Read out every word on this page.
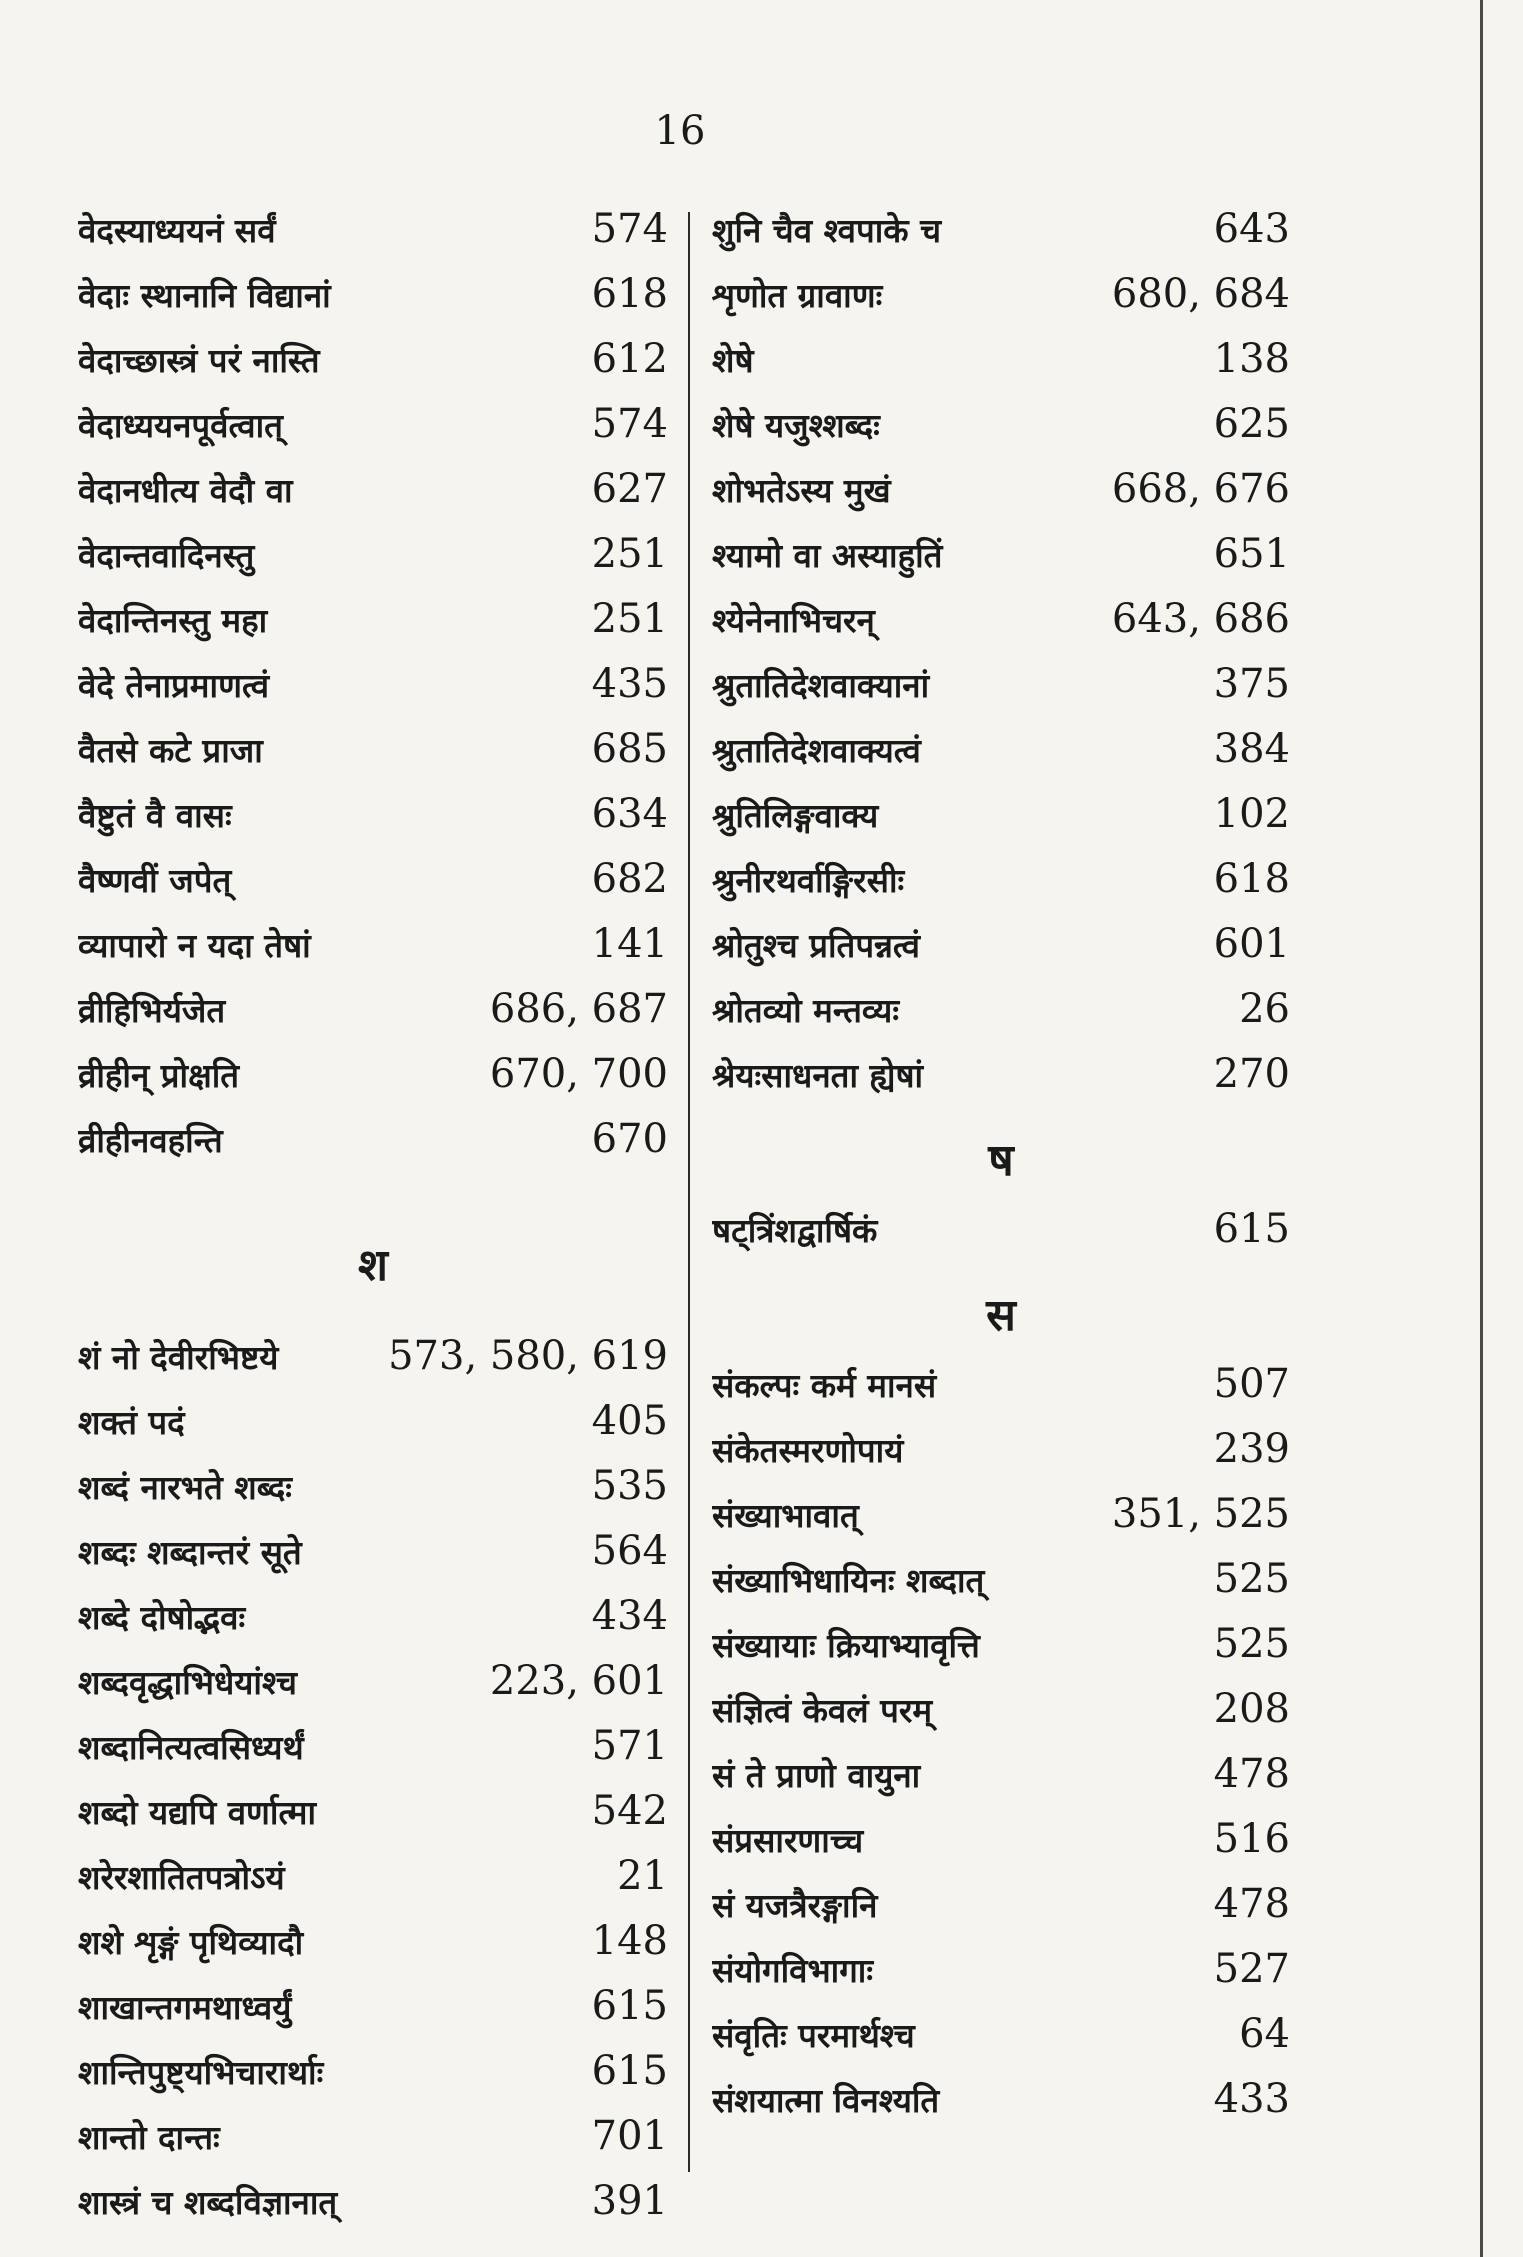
16
वेदस्याध्ययनं सर्वं	574
वेदाः स्थानानि विद्यानां	618
वेदाच्छास्त्रं परं नास्ति	612
वेदाध्ययनपूर्वत्वात्	574
वेदानधीत्य वेदौ वा	627
वेदान्तवादिनस्तु	251
वेदान्तिनस्तु महा	251
वेदे तेनाप्रमाणत्वं	435
वैतसे कटे प्राजा	685
वैष्टुतं वै वासः	634
वैष्णवीं जपेत्	682
व्यापारो न यदा तेषां	141
व्रीहिभिर्यजेत	686, 687
व्रीहीन् प्रोक्षति	670, 700
व्रीहीनवहन्ति	670
श
शं नो देवीरभिष्टये	573, 580, 619
शक्तं पदं	405
शब्दं नारभते शब्दः	535
शब्दः शब्दान्तरं सूते	564
शब्दे दोषोद्भवः	434
शब्दवृद्धाभिधेयांश्च	223, 601
शब्दानित्यत्वसिध्यर्थं	571
शब्दो यद्यपि वर्णात्मा	542
शरेरशातितपत्रोऽयं	21
शशे शृङ्गं पृथिव्यादौ	148
शाखान्तगमथाध्वर्युं	615
शान्तिपुष्ट्यभिचारार्थाः	615
शान्तो दान्तः	701
शास्त्रं च शब्दविज्ञानात्	391
शुनि चैव श्वपाके च	643
शृणोत ग्रावाणः	680, 684
शेषे	138
शेषे यजुश्शब्दः	625
शोभतेऽस्य मुखं	668, 676
श्यामो वा अस्याहुतिं	651
श्येनेनाभिचरन्	643, 686
श्रुतातिदेशवाक्यानां	375
श्रुतातिदेशवाक्यत्वं	384
श्रुतिलिङ्गवाक्य	102
श्रुनीरथर्वाङ्गिरसीः	618
श्रोतुश्च प्रतिपन्नत्वं	601
श्रोतव्यो मन्तव्यः	26
श्रेयःसाधनता ह्येषां	270
ष
षट्त्रिंशद्वार्षिकं	615
स
संकल्पः कर्म मानसं	507
संकेतस्मरणोपायं	239
संख्याभावात्	351, 525
संख्याभिधायिनः शब्दात्	525
संख्यायाः क्रियाभ्यावृत्ति	525
संज्ञित्वं केवलं परम्	208
सं ते प्राणो वायुना	478
संप्रसारणाच्च	516
सं यजत्रैरङ्गानि	478
संयोगविभागाः	527
संवृतिः परमार्थश्च	64
संशयात्मा विनश्यति	433
